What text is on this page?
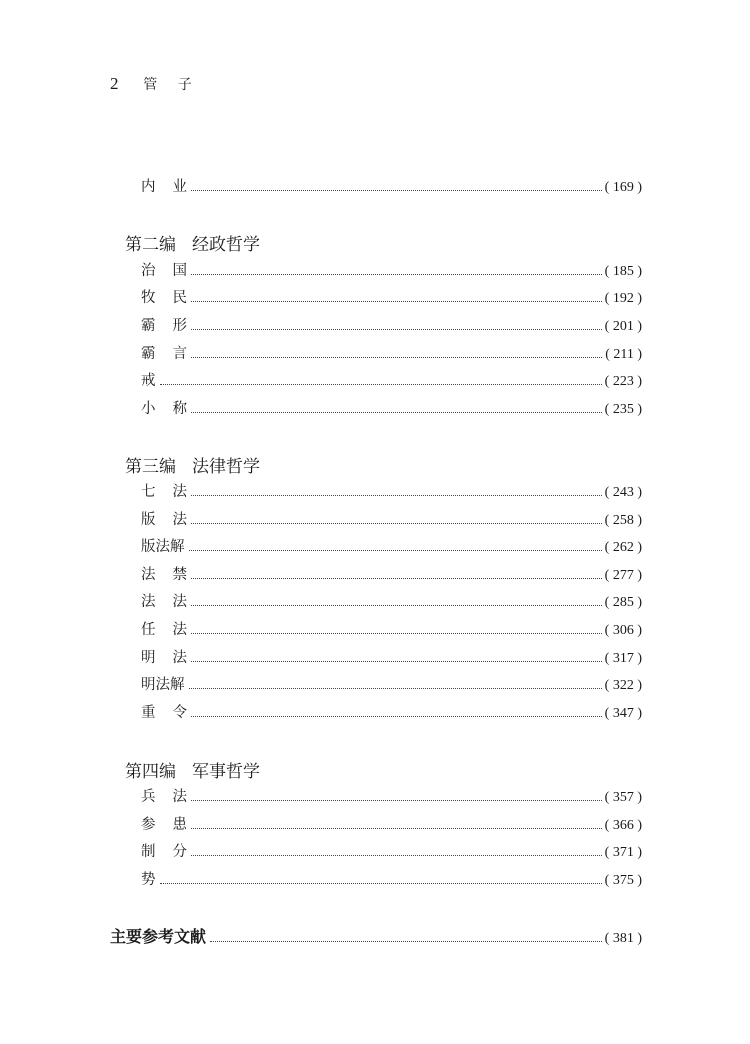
2 管 子
内业	( 169 )
第二编 经政哲学
治国	( 185 )
牧民	( 192 )
霸形	( 201 )
霸言	( 211 )
戒	( 223 )
小称	( 235 )
第三编 法律哲学
七法	( 243 )
版法	( 258 )
版法解	( 262 )
法禁	( 277 )
法法	( 285 )
任法	( 306 )
明法	( 317 )
明法解	( 322 )
重令	( 347 )
第四编 军事哲学
兵法	( 357 )
参患	( 366 )
制分	( 371 )
势	( 375 )
主要参考文献	( 381 )
